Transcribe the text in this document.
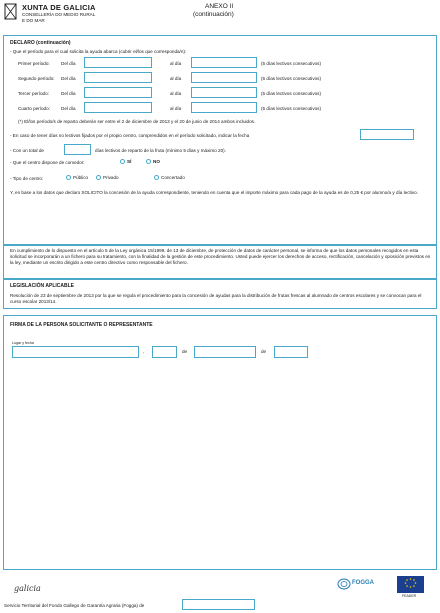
XUNTA DE GALICIA
CONSELLERÍA DO MEDIO RURAL
E DO MAR
ANEXO II
(continuación)
DECLARO (continuación)
- Que el período para el cual solicita la ayuda abarca (cubrir el/los que corresponda/n):
Primer período: Del día	al día	(5 días lectivos consecutivos)
Segundo período: Del día	al día	(5 días lectivos consecutivos)
Tercer período:	Del día	al día	(5 días lectivos consecutivos)
Cuarto período: Del día	al día	(5 días lectivos consecutivos)
(*) El/los período/s de reparto deberán ser entre el 2 de diciembre de 2013 y el 20 de junio de 2014 ambos incluidos.
- En caso de tener días no lectivos fijados por el propio centro, comprendidos en el período solicitado, indicar la fecha
- Con un total de	días lectivos de reparto de la fruta (mínimo 5 días y máximo 20).
- Que el centro dispone de comedor:	SÍ	NO
- Tipo de centro:	Público	Privado	Concertado
Y, en base a los datos que declaro SOLICITO la concesión de la ayuda correspondiente, teniendo en cuenta que el importe máximo para cada pago de la ayuda es de 0,25 € por alumno/a y día lectivo.
En cumplimiento de lo dispuesto en el artículo 5 de la Ley orgánica 15/1999, de 13 de diciembre, de protección de datos de carácter personal, se informa de que los datos personales recogidos en esta solicitud se incorporarán a un fichero para su tratamiento, con la finalidad de la gestión de este procedimiento. Usted puede ejercer los derechos de acceso, rectificación, cancelación y oposición previstos en la ley, mediante un escrito dirigido a este centro directivo como responsable del fichero.
LEGISLACIÓN APLICABLE
Resolución de 23 de septiembre de 2013 por la que se regula el procedimiento para la concesión de ayudas para la distribución de frutas frescas al alumnado de centros escolares y se convocan para el curso escolar 2013/14.
FIRMA DE LA PERSONA SOLICITANTE O REPRESENTANTE
Lugar y fecha
,	de	de
galicia
FOGGA
FEADER
Servicio Territorial del Fondo Gallego de Garantía Agraria (Fogga) de
